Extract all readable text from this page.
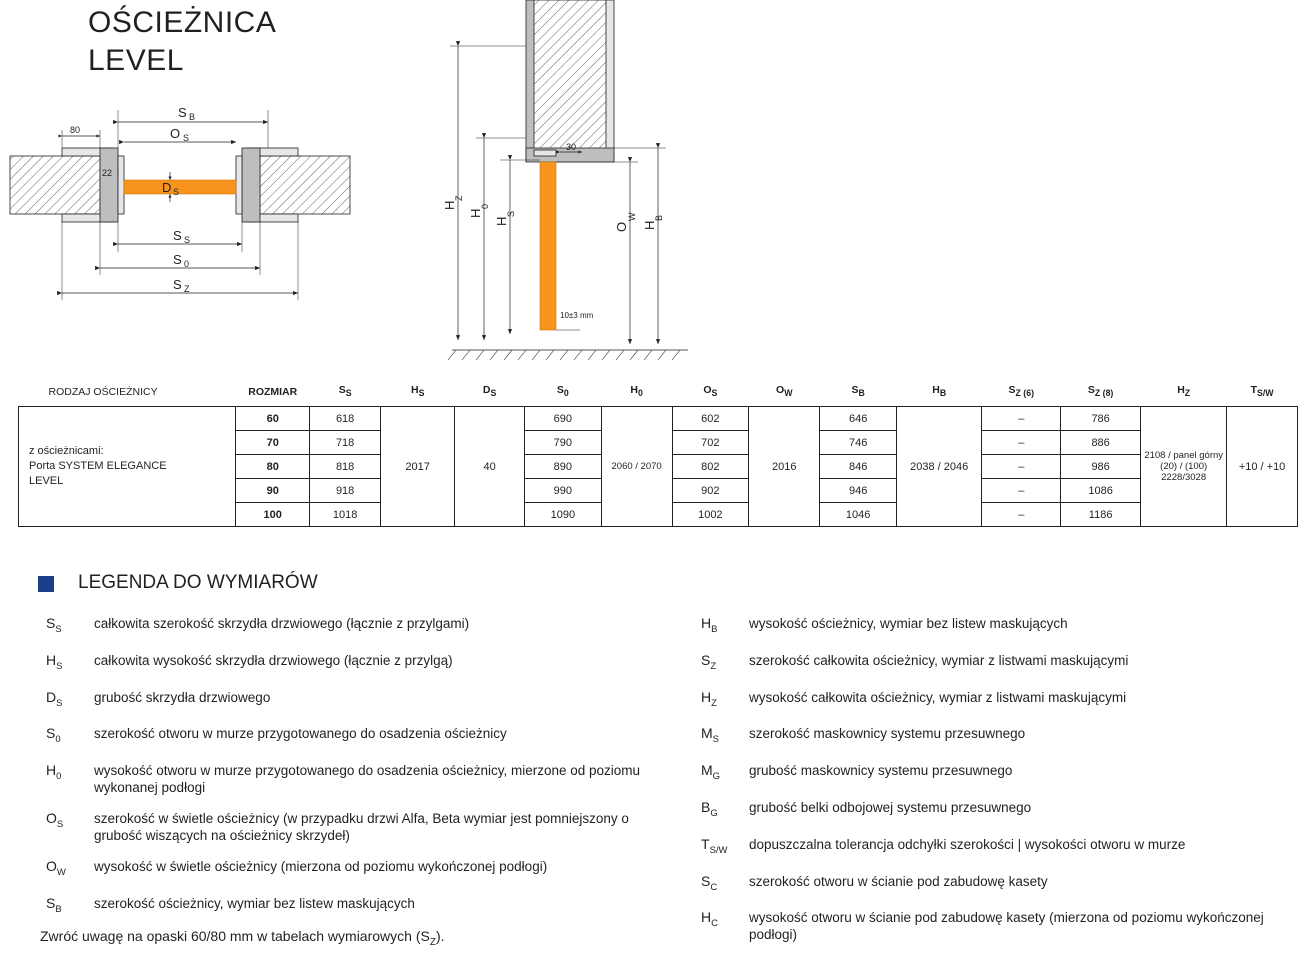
OŚCIEŻNICA
LEVEL
80
22
D S
S B
O S
S S
S 0
S Z
30
10±3 mm
H
Z
H
0
H
S
O
W
H
B
RODZAJ OŚCIEŻNICY	ROZMIAR	$S_S$	$H_S$	$D_S$	$S_0$	$H_0$	$O_S$	$O_W$	$S_B$	$H_B$	$S_{Z (6)}$	$S_{Z (8)}$	$H_Z$	$T_{S/W}$

z ościeżnicami:
Porta SYSTEM ELEGANCE
LEVEL	60	618	2017	40	690	2060 / 2070	602	2016	646	2038 / 2046	–	786	2108 / panel górny (20) / (100) 2228/3028	+10 / +10
	70	718			790		702		746		–	886		
	80	818			890		802		846		–	986		
	90	918			990		902		946		–	1086		
	100	1018			1090		1002		1046		–	1186		
LEGENDA DO WYMIARÓW
$S_S$	całkowita szerokość skrzydła drzwiowego (łącznie z przylgami)
$H_S$	całkowita wysokość skrzydła drzwiowego (łącznie z przylgą)
$D_S$	grubość skrzydła drzwiowego
$S_0$	szerokość otworu w murze przygotowanego do osadzenia ościeżnicy
$H_0$	wysokość otworu w murze przygotowanego do osadzenia ościeżnicy, mierzone od poziomu wykonanej podłogi
$O_S$	szerokość w świetle ościeżnicy (w przypadku drzwi Alfa, Beta wymiar jest pomniejszony o grubość wiszących na ościeżnicy skrzydeł)
$O_W$	wysokość w świetle ościeżnicy (mierzona od poziomu wykończonej podłogi)
$S_B$	szerokość ościeżnicy, wymiar bez listew maskujących
$H_B$	wysokość ościeżnicy, wymiar bez listew maskujących
$S_Z$	szerokość całkowita ościeżnicy, wymiar z listwami maskującymi
$H_Z$	wysokość całkowita ościeżnicy, wymiar z listwami maskującymi
$M_S$	szerokość maskownicy systemu przesuwnego
$M_G$	grubość maskownicy systemu przesuwnego
$B_G$	grubość belki odbojowej systemu przesuwnego
$T_{S/W}$	dopuszczalna tolerancja odchyłki szerokości | wysokości otworu w murze
$S_C$	szerokość otworu w ścianie pod zabudowę kasety
$H_C$	wysokość otworu w ścianie pod zabudowę kasety (mierzona od poziomu wykończonej podłogi)
Zwróć uwagę na opaski 60/80 mm w tabelach wymiarowych $(S_Z)$.
